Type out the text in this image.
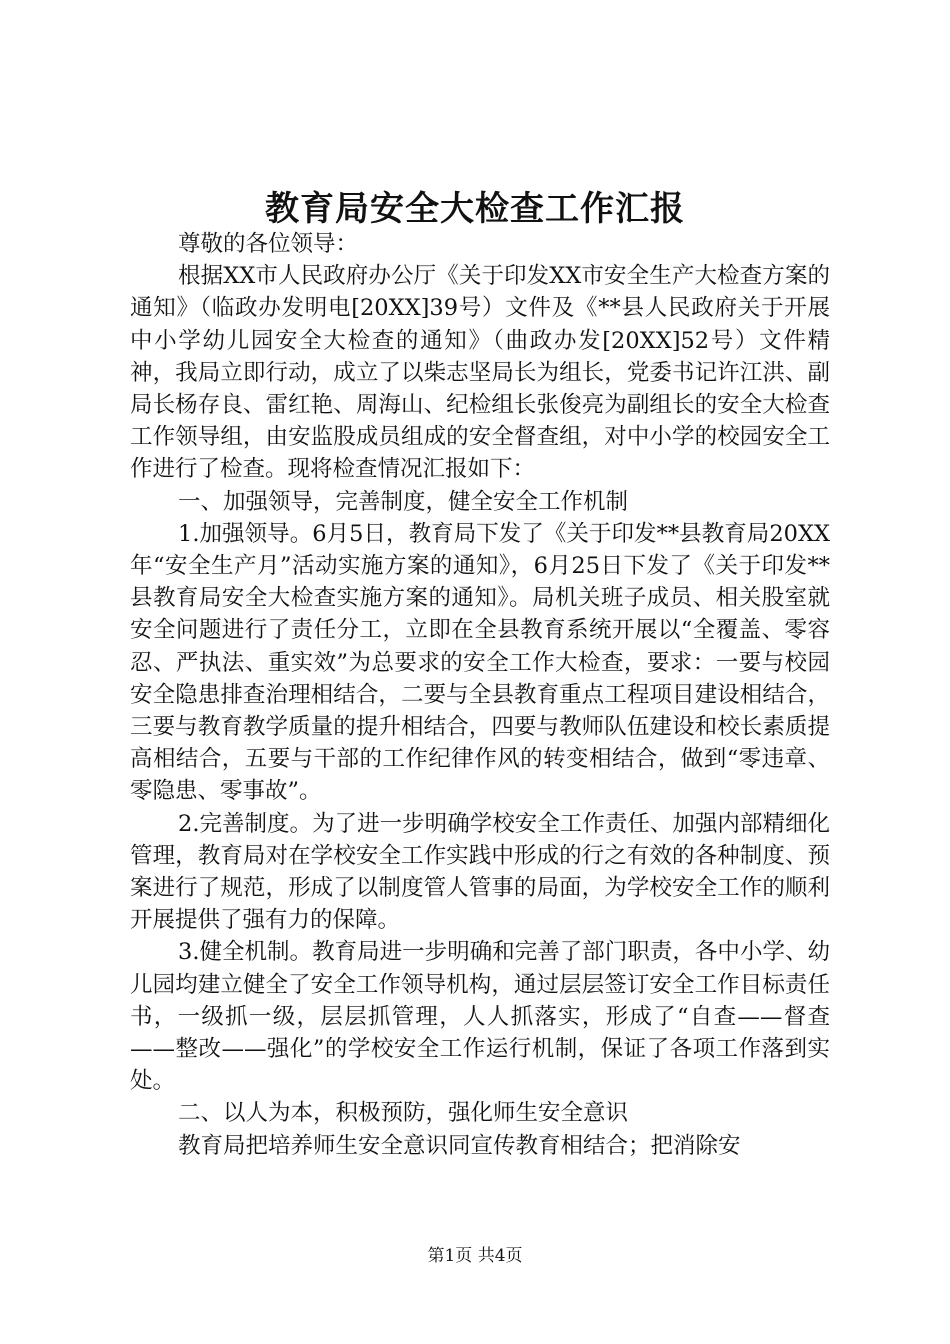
教育局安全大检查工作汇报

尊敬的各位领导：

根据XX市人民政府办公厅《关于印发XX市安全生产大检查方案的通知》（临政办发明电[20XX]39号）文件及《**县人民政府关于开展中小学幼儿园安全大检查的通知》（曲政办发[20XX]52号）文件精神，我局立即行动，成立了以柴志坚局长为组长，党委书记许江洪、副局长杨存良、雷红艳、周海山、纪检组长张俊亮为副组长的安全大检查工作领导组，由安监股成员组成的安全督查组，对中小学的校园安全工作进行了检查。现将检查情况汇报如下：

一、加强领导，完善制度，健全安全工作机制

1.加强领导。6月5日，教育局下发了《关于印发**县教育局20XX年“安全生产月”活动实施方案的通知》，6月25日下发了《关于印发**县教育局安全大检查实施方案的通知》。局机关班子成员、相关股室就安全问题进行了责任分工，立即在全县教育系统开展以“全覆盖、零容忍、严执法、重实效”为总要求的安全工作大检查，要求：一要与校园安全隐患排查治理相结合，二要与全县教育重点工程项目建设相结合，三要与教育教学质量的提升相结合，四要与教师队伍建设和校长素质提高相结合，五要与干部的工作纪律作风的转变相结合，做到“零违章、零隐患、零事故”。

2.完善制度。为了进一步明确学校安全工作责任、加强内部精细化管理，教育局对在学校安全工作实践中形成的行之有效的各种制度、预案进行了规范，形成了以制度管人管事的局面，为学校安全工作的顺利开展提供了强有力的保障。

3.健全机制。教育局进一步明确和完善了部门职责，各中小学、幼儿园均建立健全了安全工作领导机构，通过层层签订安全工作目标责任书，一级抓一级，层层抓管理，人人抓落实，形成了“自查——督查——整改——强化”的学校安全工作运行机制，保证了各项工作落到实处。

二、以人为本，积极预防，强化师生安全意识

教育局把培养师生安全意识同宣传教育相结合；把消除安

第1页 共4页
